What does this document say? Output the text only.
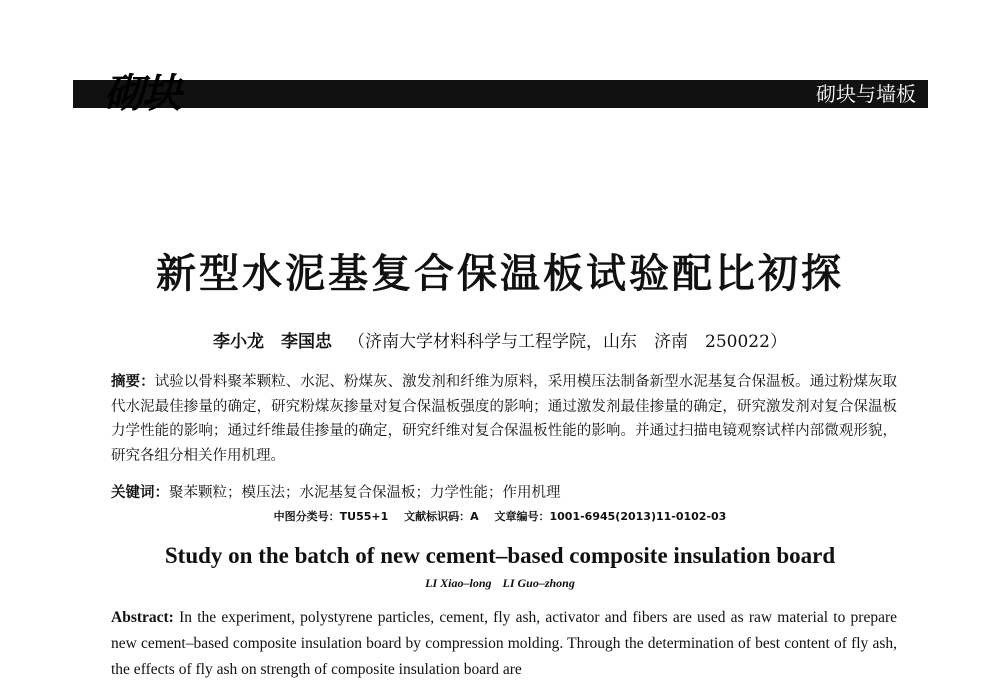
砌块	砌块与墙板
新型水泥基复合保温板试验配比初探
李小龙　李国忠 （济南大学材料科学与工程学院，山东　济南　250022）
摘要：试验以骨料聚苯颗粒、水泥、粉煤灰、激发剂和纤维为原料，采用模压法制备新型水泥基复合保温板。通过粉煤灰取代水泥最佳掺量的确定，研究粉煤灰掺量对复合保温板强度的影响；通过激发剂最佳掺量的确定，研究激发剂对复合保温板力学性能的影响；通过纤维最佳掺量的确定，研究纤维对复合保温板性能的影响。并通过扫描电镜观察试样内部微观形貌，研究各组分相关作用机理。
关键词：聚苯颗粒；模压法；水泥基复合保温板；力学性能；作用机理
中图分类号：TU55+1 文献标识码：A 文章编号：1001-6945(2013)11-0102-03
Study on the batch of new cement–based composite insulation board
LI Xiao–long LI Guo–zhong
Abstract: In the experiment, polystyrene particles, cement, fly ash, activator and fibers are used as raw material to prepare new cement–based composite insulation board by compression molding. Through the determination of best content of fly ash, the effects of fly ash on strength of composite insulation board are
